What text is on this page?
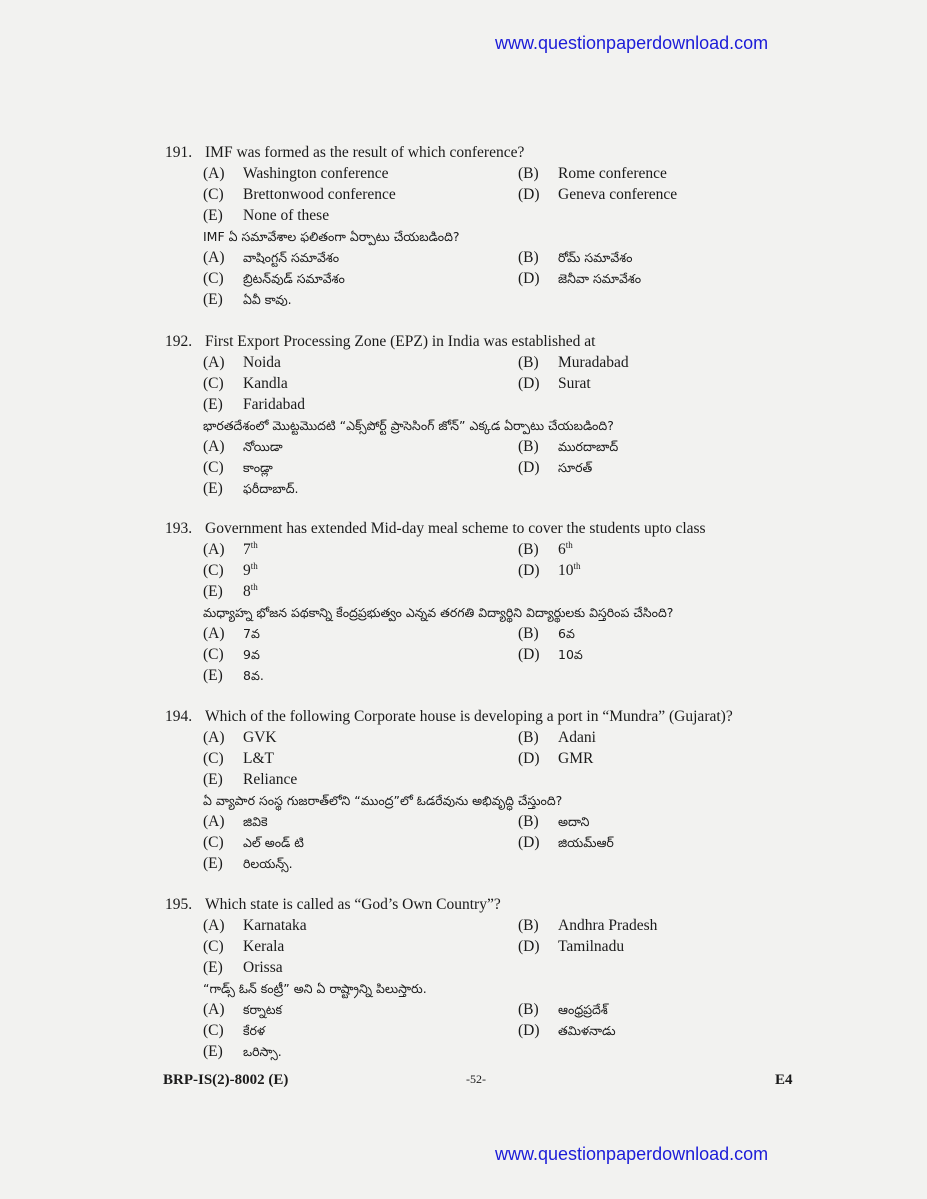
www.questionpaperdownload.com
191. IMF was formed as the result of which conference?
(A) Washington conference	(B) Rome conference
(C) Brettonwood conference	(D) Geneva conference
(E) None of these
IMF ఏ సమావేశాల ఫలితంగా ఏర్పాటు చేయబడింది?
(A) వాషింగ్టన్ సమావేశం	(B) రోమ్ సమావేశం
(C) బ్రిటన్‌వుడ్ సమావేశం	(D) జెనీవా సమావేశం
(E) ఏవీ కావు.
192. First Export Processing Zone (EPZ) in India was established at
(A) Noida	(B) Muradabad
(C) Kandla	(D) Surat
(E) Faridabad
భారతదేశంలో మొట్టమొదటి “ఎక్స్‌పోర్ట్ ప్రాసెసింగ్ జోన్” ఎక్కడ ఏర్పాటు చేయబడింది?
(A) నోయిడా	(B) మురదాబాద్
(C) కాండ్లా	(D) సూరత్
(E) ఫరీదాబాద్.
193. Government has extended Mid-day meal scheme to cover the students upto class
(A) 7th	(B) 6th
(C) 9th	(D) 10th
(E) 8th
మధ్యాహ్న భోజన పథకాన్ని కేంద్రప్రభుత్వం ఎన్నవ తరగతి విద్యార్థిని విద్యార్థులకు విస్తరింప చేసింది?
(A) 7వ	(B) 6వ
(C) 9వ	(D) 10వ
(E) 8వ.
194. Which of the following Corporate house is developing a port in “Mundra” (Gujarat)?
(A) GVK	(B) Adani
(C) L&T	(D) GMR
(E) Reliance
ఏ వ్యాపార సంస్థ గుజరాత్‌లోని “ముంద్ర”లో ఓడరేవును అభివృద్ధి చేస్తుంది?
(A) జివికె	(B) అదాని
(C) ఎల్ అండ్ టి	(D) జియమ్ఆర్
(E) రిలయన్స్.
195. Which state is called as “God’s Own Country”?
(A) Karnataka	(B) Andhra Pradesh
(C) Kerala	(D) Tamilnadu
(E) Orissa
“గాడ్స్ ఓన్ కంట్రీ” అని ఏ రాష్ట్రాన్ని పిలుస్తారు.
(A) కర్నాటక	(B) ఆంధ్రప్రదేశ్
(C) కేరళ	(D) తమిళనాడు
(E) ఒరిస్సా.
BRP-IS(2)-8002 (E)	-52-	E4
www.questionpaperdownload.com
